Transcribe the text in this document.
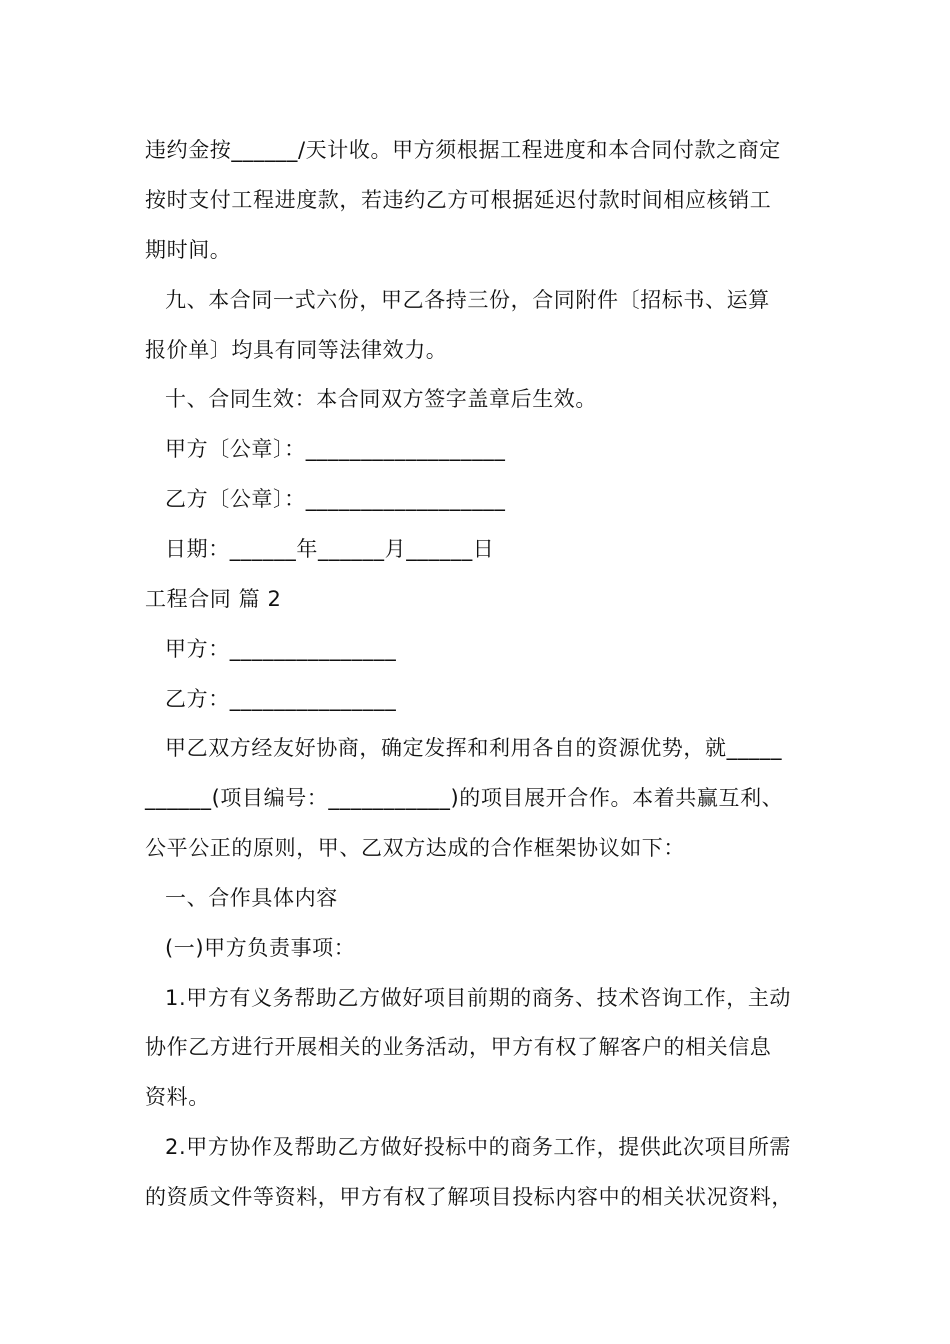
违约金按______/天计收。甲方须根据工程进度和本合同付款之商定
按时支付工程进度款，若违约乙方可根据延迟付款时间相应核销工
期时间。
九、本合同一式六份，甲乙各持三份，合同附件〔招标书、运算
报价单〕均具有同等法律效力。
十、合同生效：本合同双方签字盖章后生效。
甲方〔公章〕：__________________
乙方〔公章〕：__________________
日期：______年______月______日
工程合同 篇 2
甲方：_______________
乙方：_______________
甲乙双方经友好协商，确定发挥和利用各自的资源优势，就_____
______(项目编号：___________)的项目展开合作。本着共赢互利、
公平公正的原则，甲、乙双方达成的合作框架协议如下：
一、合作具体内容
(一)甲方负责事项：
1.甲方有义务帮助乙方做好项目前期的商务、技术咨询工作，主动
协作乙方进行开展相关的业务活动，甲方有权了解客户的相关信息
资料。
2.甲方协作及帮助乙方做好投标中的商务工作，提供此次项目所需
的资质文件等资料，甲方有权了解项目投标内容中的相关状况资料，
